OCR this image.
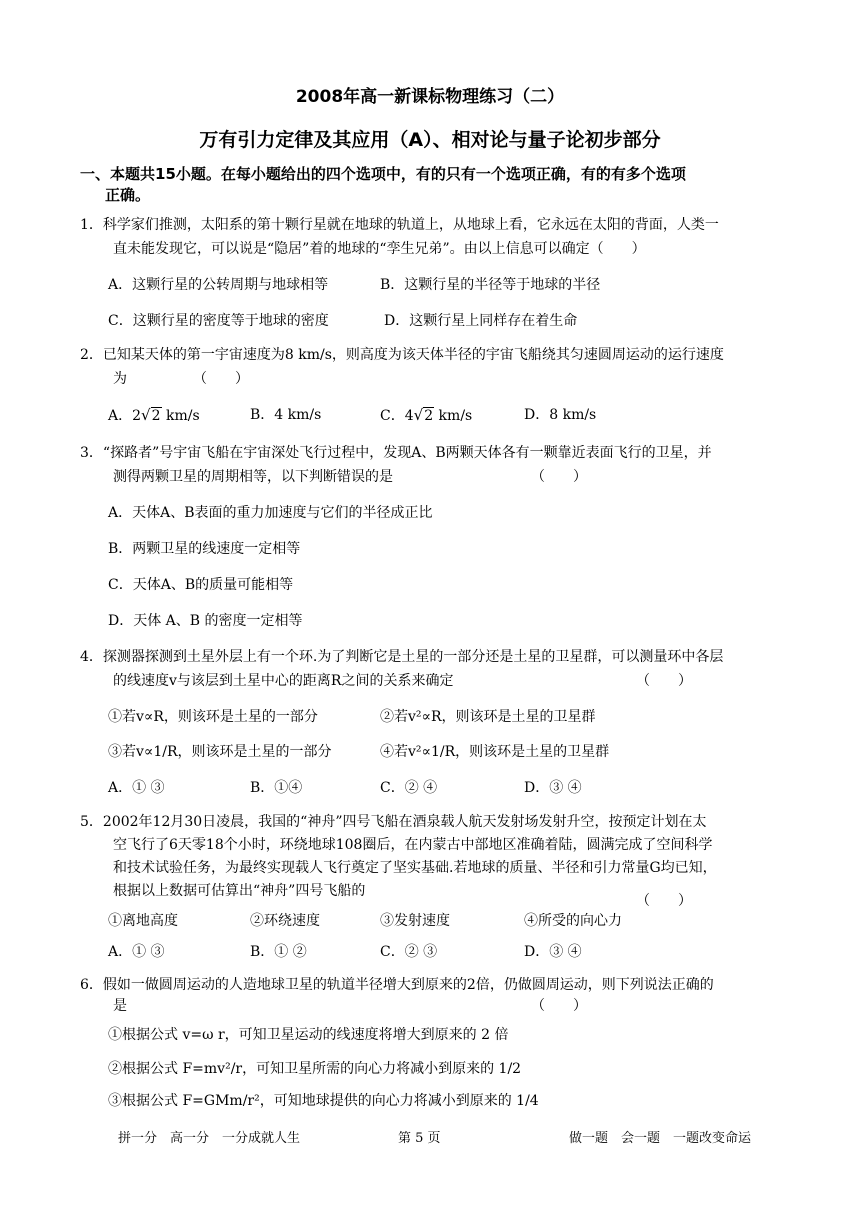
2008年高一新课标物理练习（二）
万有引力定律及其应用（A）、相对论与量子论初步部分
一、本题共15小题。在每小题给出的四个选项中，有的只有一个选项正确，有的有多个选项
正确。
1．科学家们推测，太阳系的第十颗行星就在地球的轨道上，从地球上看，它永远在太阳的背面，人类一
直未能发现它，可以说是“隐居”着的地球的“孪生兄弟”。由以上信息可以确定（　　）
A．这颗行星的公转周期与地球相等	B．这颗行星的半径等于地球的半径
C．这颗行星的密度等于地球的密度	D．这颗行星上同样存在着生命
2．已知某天体的第一宇宙速度为8 km/s，则高度为该天体半径的宇宙飞船绕其匀速圆周运动的运行速度
为	（　　）
A．2√2 km/s	B．4 km/s	C．4√2 km/s	D．8 km/s
3．“探路者”号宇宙飞船在宇宙深处飞行过程中，发现A、B两颗天体各有一颗靠近表面飞行的卫星，并
测得两颗卫星的周期相等，以下判断错误的是	（　　）
A．天体A、B表面的重力加速度与它们的半径成正比
B．两颗卫星的线速度一定相等
C．天体A、B的质量可能相等
D．天体 A、B 的密度一定相等
4．探测器探测到土星外层上有一个环.为了判断它是土星的一部分还是土星的卫星群，可以测量环中各层
的线速度v与该层到土星中心的距离R之间的关系来确定	（　　）
①若v∝R，则该环是土星的一部分	②若v²∝R，则该环是土星的卫星群
③若v∝1/R，则该环是土星的一部分	④若v²∝1/R，则该环是土星的卫星群
A．① ③	B．①④	C．② ④	D．③ ④
5．2002年12月30日凌晨，我国的“神舟”四号飞船在酒泉载人航天发射场发射升空，按预定计划在太
空飞行了6天零18个小时，环绕地球108圈后，在内蒙古中部地区准确着陆，圆满完成了空间科学
和技术试验任务，为最终实现载人飞行奠定了坚实基础.若地球的质量、半径和引力常量G均已知，
根据以上数据可估算出“神舟”四号飞船的
（　　）
①离地高度	②环绕速度	③发射速度	④所受的向心力
A．① ③	B．① ②	C．② ③	D．③ ④
6．假如一做圆周运动的人造地球卫星的轨道半径增大到原来的2倍，仍做圆周运动，则下列说法正确的
是	（　　）
①根据公式 v=ω r，可知卫星运动的线速度将增大到原来的 2 倍
②根据公式 F=mv²/r，可知卫星所需的向心力将减小到原来的 1/2
③根据公式 F=GMm/r²，可知地球提供的向心力将减小到原来的 1/4
拼一分　高一分　一分成就人生	第 5 页	做一题　会一题　一题改变命运
